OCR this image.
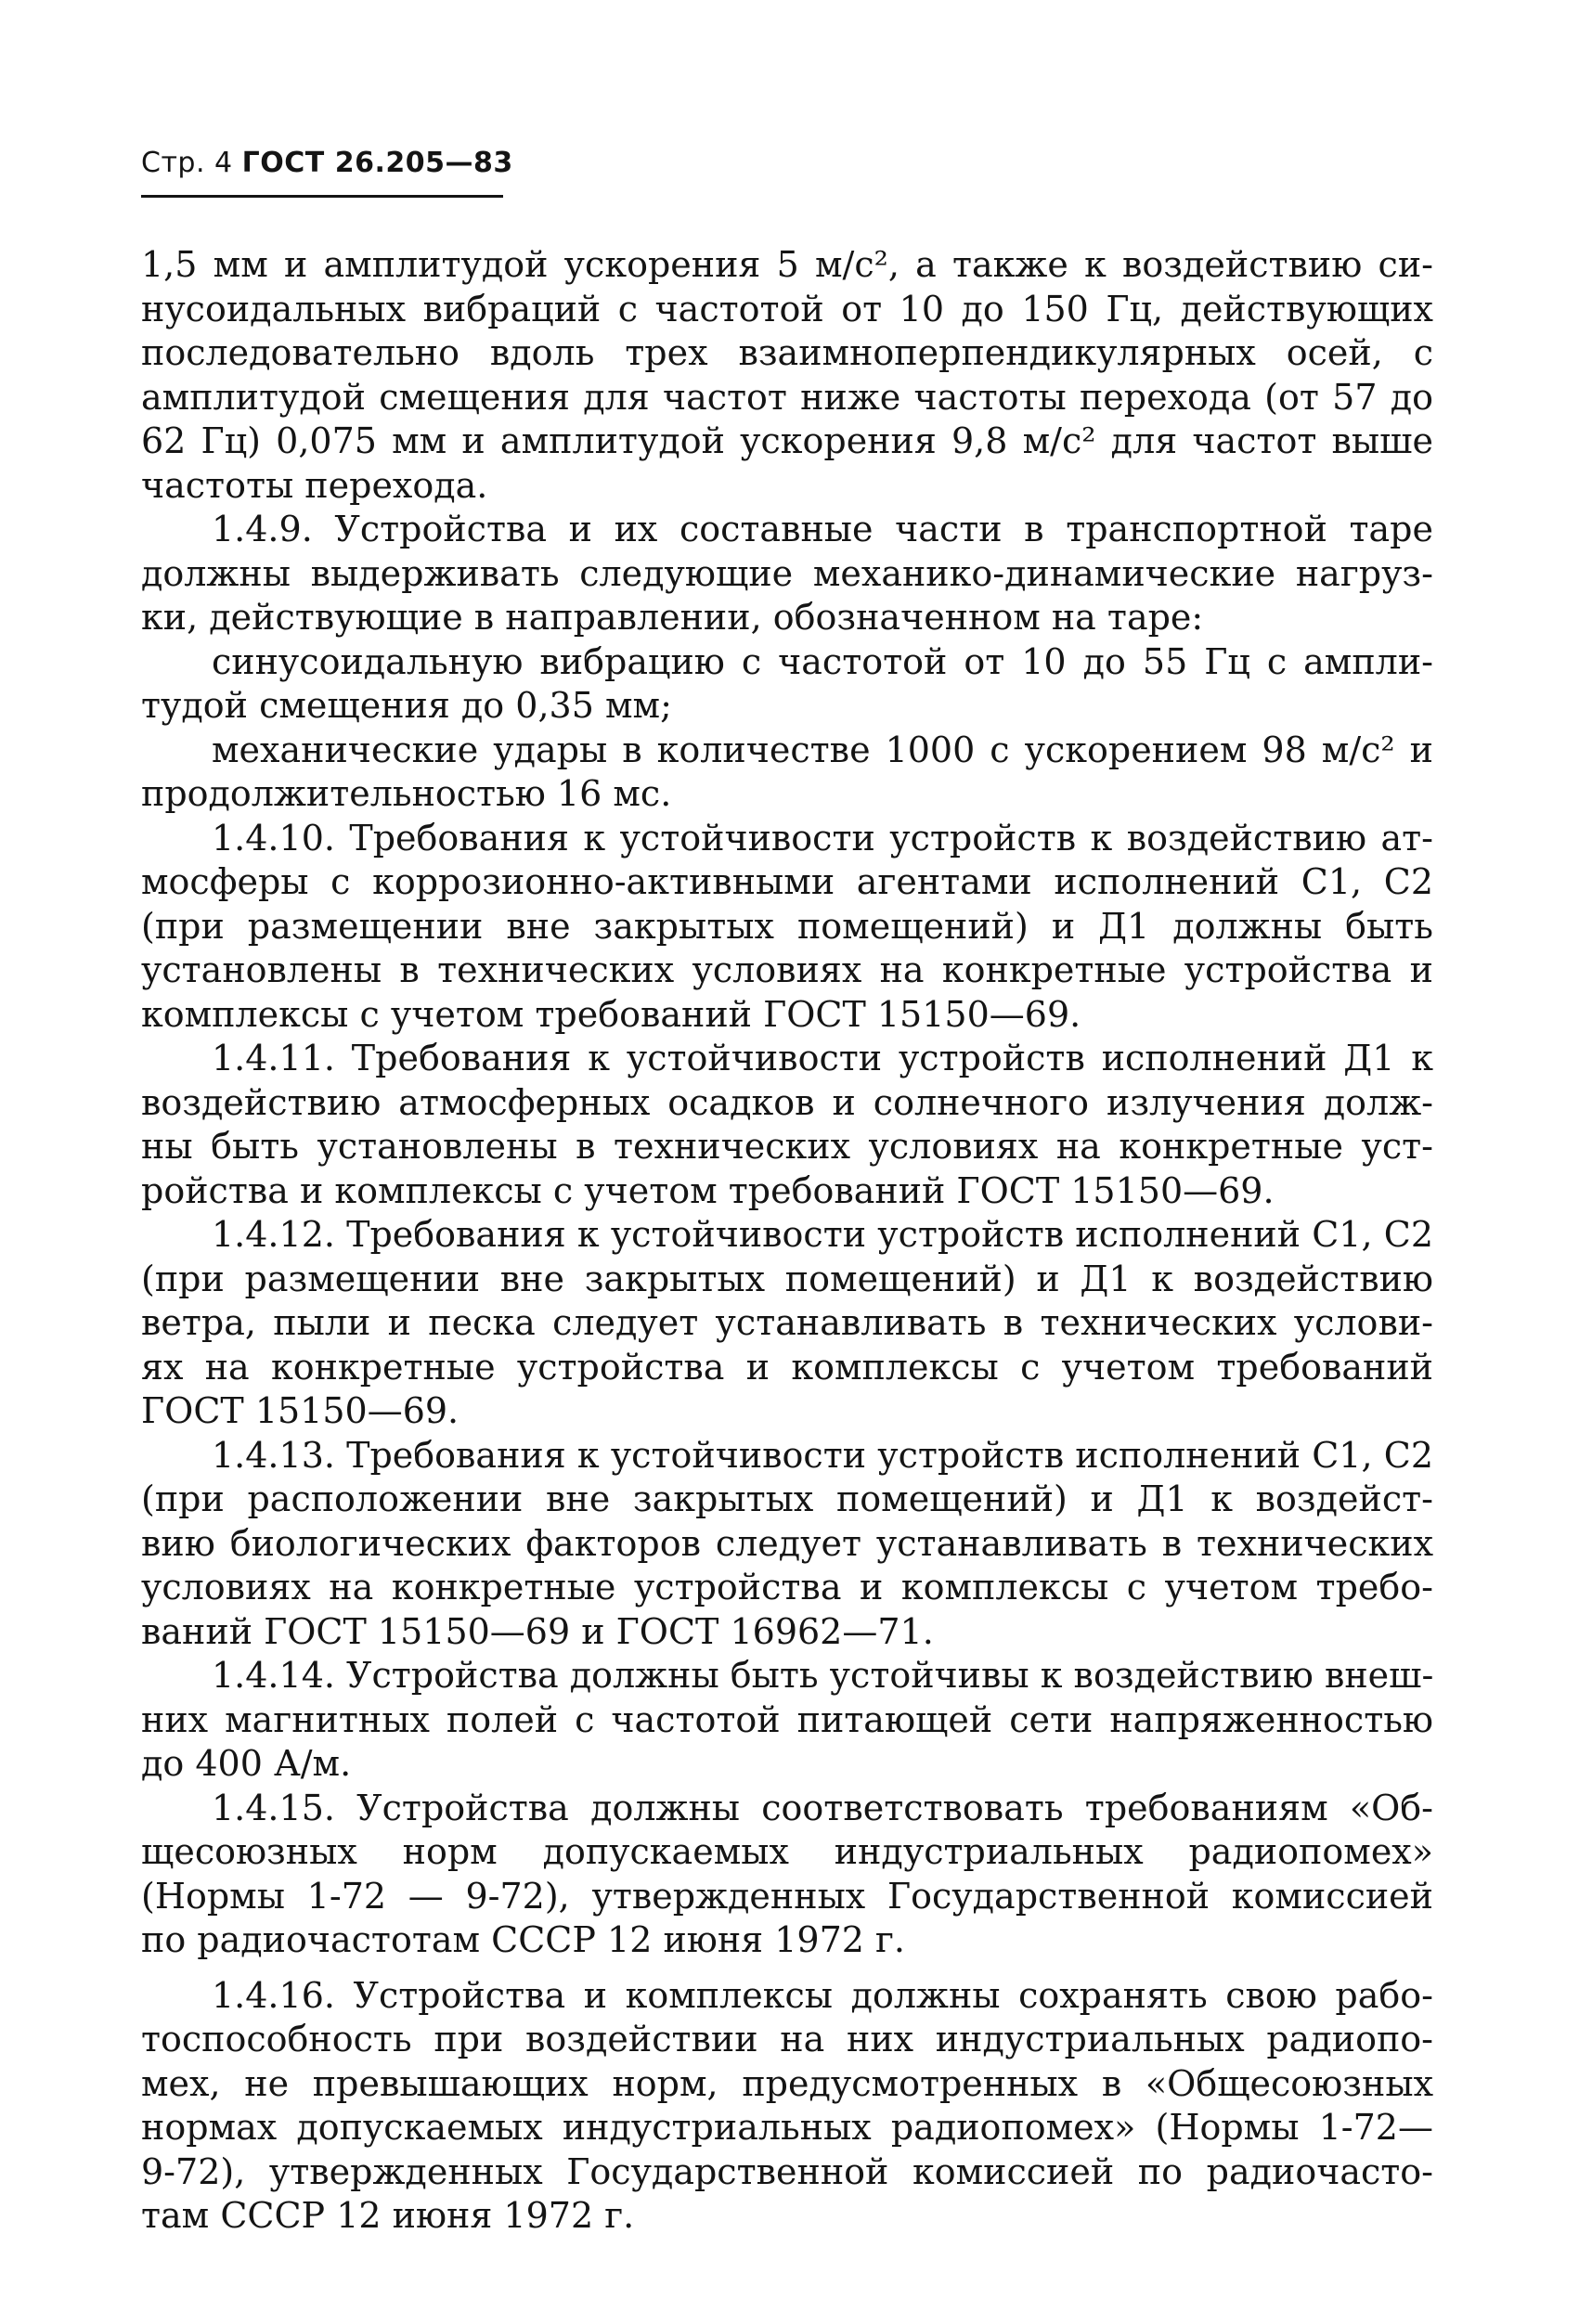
Стр. 4 ГОСТ 26.205—83
1,5 мм и амплитудой ускорения 5 м/с², а также к воздействию си-
нусоидальных вибраций с частотой от 10 до 150 Гц, действующих
последовательно вдоль трех взаимноперпендикулярных осей, с
амплитудой смещения для частот ниже частоты перехода (от 57 до
62 Гц) 0,075 мм и амплитудой ускорения 9,8 м/с² для частот выше
частоты перехода.
1.4.9. Устройства и их составные части в транспортной таре
должны выдерживать следующие механико-динамические нагруз-
ки, действующие в направлении, обозначенном на таре:
синусоидальную вибрацию с частотой от 10 до 55 Гц с ампли-
тудой смещения до 0,35 мм;
механические удары в количестве 1000 с ускорением 98 м/с² и
продолжительностью 16 мс.
1.4.10. Требования к устойчивости устройств к воздействию ат-
мосферы с коррозионно-активными агентами исполнений С1, С2
(при размещении вне закрытых помещений) и Д1 должны быть
установлены в технических условиях на конкретные устройства и
комплексы с учетом требований ГОСТ 15150—69.
1.4.11. Требования к устойчивости устройств исполнений Д1 к
воздействию атмосферных осадков и солнечного излучения долж-
ны быть установлены в технических условиях на конкретные уст-
ройства и комплексы с учетом требований ГОСТ 15150—69.
1.4.12. Требования к устойчивости устройств исполнений С1, С2
(при размещении вне закрытых помещений) и Д1 к воздействию
ветра, пыли и песка следует устанавливать в технических услови-
ях на конкретные устройства и комплексы с учетом требований
ГОСТ 15150—69.
1.4.13. Требования к устойчивости устройств исполнений С1, С2
(при расположении вне закрытых помещений) и Д1 к воздейст-
вию биологических факторов следует устанавливать в технических
условиях на конкретные устройства и комплексы с учетом требо-
ваний ГОСТ 15150—69 и ГОСТ 16962—71.
1.4.14. Устройства должны быть устойчивы к воздействию внеш-
них магнитных полей с частотой питающей сети напряженностью
до 400 А/м.
1.4.15. Устройства должны соответствовать требованиям «Об-
щесоюзных норм допускаемых индустриальных радиопомех»
(Нормы 1-72 — 9-72), утвержденных Государственной комиссией
по радиочастотам СССР 12 июня 1972 г.
1.4.16. Устройства и комплексы должны сохранять свою рабо-
тоспособность при воздействии на них индустриальных радиопо-
мех, не превышающих норм, предусмотренных в «Общесоюзных
нормах допускаемых индустриальных радиопомех» (Нормы 1-72—
9-72), утвержденных Государственной комиссией по радиочасто-
там СССР 12 июня 1972 г.
